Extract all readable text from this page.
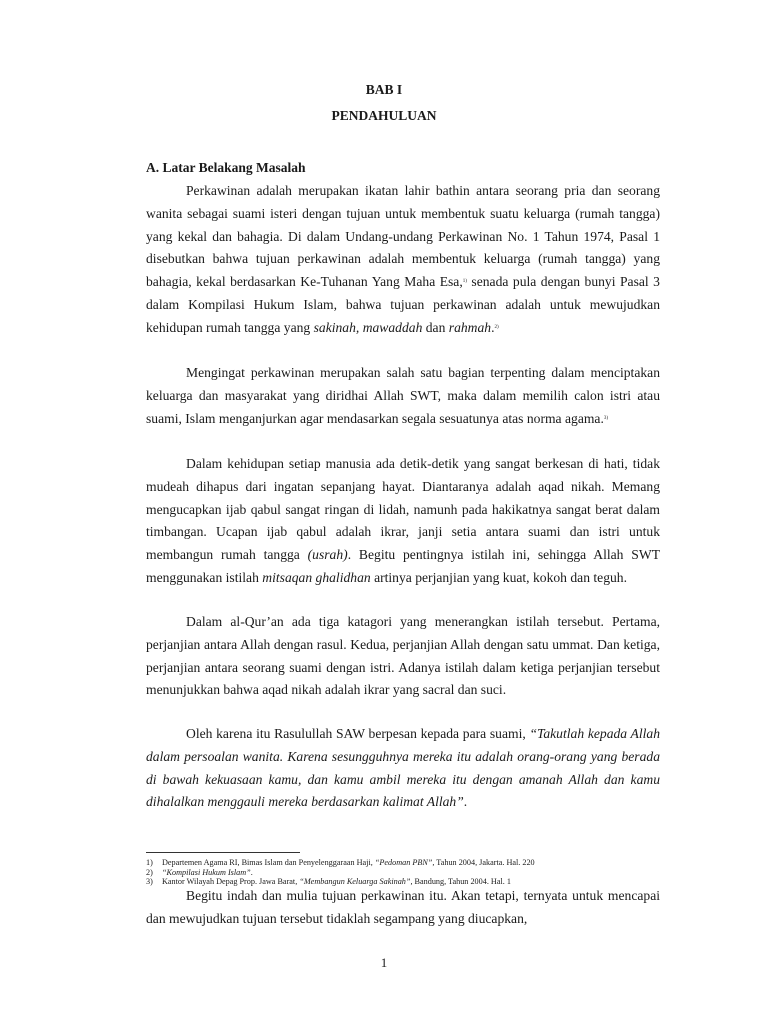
BAB I
PENDAHULUAN
A. Latar Belakang Masalah

Perkawinan adalah merupakan ikatan lahir bathin antara seorang pria dan seorang wanita sebagai suami isteri dengan tujuan untuk membentuk suatu keluarga (rumah tangga) yang kekal dan bahagia. Di dalam Undang-undang Perkawinan No. 1 Tahun 1974, Pasal 1 disebutkan bahwa tujuan perkawinan adalah membentuk keluarga (rumah tangga) yang bahagia, kekal berdasarkan Ke-Tuhanan Yang Maha Esa,$^{1)}$ senada pula dengan bunyi Pasal 3 dalam Kompilasi Hukum Islam, bahwa tujuan perkawinan adalah untuk mewujudkan kehidupan rumah tangga yang sakinah, mawaddah dan rahmah.$^{2)}$

Mengingat perkawinan merupakan salah satu bagian terpenting dalam menciptakan keluarga dan masyarakat yang diridhai Allah SWT, maka dalam memilih calon istri atau suami, Islam menganjurkan agar mendasarkan segala sesuatunya atas norma agama.$^{3)}$

Dalam kehidupan setiap manusia ada detik-detik yang sangat berkesan di hati, tidak mudeah dihapus dari ingatan sepanjang hayat. Diantaranya adalah aqad nikah. Memang mengucapkan ijab qabul sangat ringan di lidah, namunh pada hakikatnya sangat berat dalam timbangan. Ucapan ijab qabul adalah ikrar, janji setia antara suami dan istri untuk membangun rumah tangga (usrah). Begitu pentingnya istilah ini, sehingga Allah SWT menggunakan istilah mitsaqan ghalidhan artinya perjanjian yang kuat, kokoh dan teguh.

Dalam al-Qur’an ada tiga katagori yang menerangkan istilah tersebut. Pertama, perjanjian antara Allah dengan rasul. Kedua, perjanjian Allah dengan satu ummat. Dan ketiga, perjanjian antara seorang suami dengan istri. Adanya istilah dalam ketiga perjanjian tersebut menunjukkan bahwa aqad nikah adalah ikrar yang sacral dan suci.

Oleh karena itu Rasulullah SAW berpesan kepada para suami, “Takutlah kepada Allah dalam persoalan wanita. Karena sesungguhnya mereka itu adalah orang-orang yang berada di bawah kekuasaan kamu, dan kamu ambil mereka itu dengan amanah Allah dan kamu dihalalkan menggauli mereka berdasarkan kalimat Allah”.

1)	Departemen Agama RI, Bimas Islam dan Penyelenggaraan Haji, “Pedoman PBN”, Tahun 2004, Jakarta. Hal. 220
2)	“Kompilasi Hukum Islam”.
3)	Kantor Wilayah Depag Prop. Jawa Barat, “Membangun Keluarga Sakinah”, Bandung, Tahun 2004. Hal. 1

Begitu indah dan mulia tujuan perkawinan itu. Akan tetapi, ternyata untuk mencapai dan mewujudkan tujuan tersebut tidaklah segampang yang diucapkan,

1
